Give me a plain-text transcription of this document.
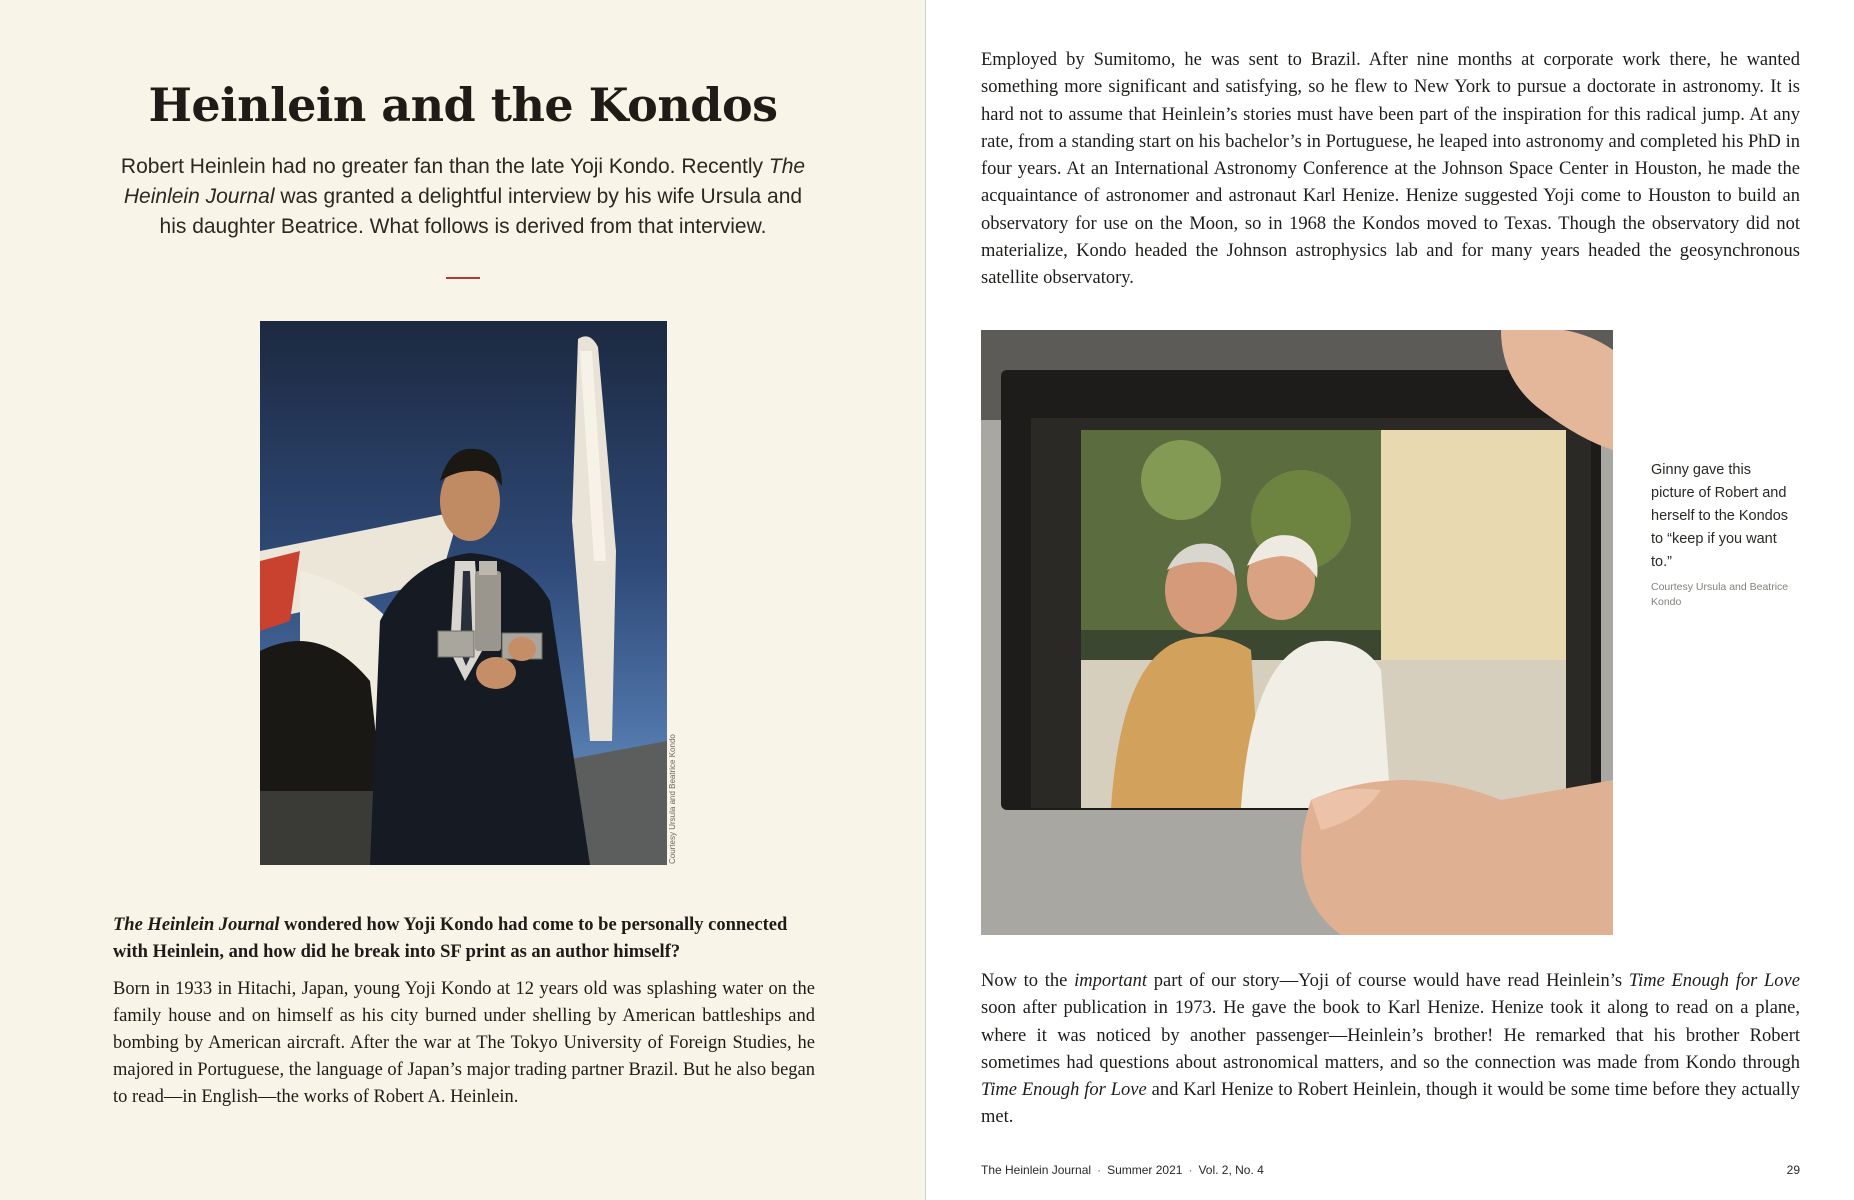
Heinlein and the Kondos

Robert Heinlein had no greater fan than the late Yoji Kondo. Recently The Heinlein Journal was granted a delightful interview by his wife Ursula and his daughter Beatrice. What follows is derived from that interview.

Courtesy Ursula and Beatrice Kondo

The Heinlein Journal wondered how Yoji Kondo had come to be personally connected with Heinlein, and how did he break into SF print as an author himself?

Born in 1933 in Hitachi, Japan, young Yoji Kondo at 12 years old was splashing water on the family house and on himself as his city burned under shelling by American battleships and bombing by American aircraft. After the war at The Tokyo University of Foreign Studies, he majored in Portuguese, the language of Japan’s major trading partner Brazil. But he also began to read—in English—the works of Robert A. Heinlein.

Employed by Sumitomo, he was sent to Brazil. After nine months at corporate work there, he wanted something more significant and satisfying, so he flew to New York to pursue a doctorate in astronomy. It is hard not to assume that Heinlein’s stories must have been part of the inspiration for this radical jump. At any rate, from a standing start on his bachelor’s in Portuguese, he leaped into astronomy and completed his PhD in four years. At an International Astronomy Conference at the Johnson Space Center in Houston, he made the acquaintance of astronomer and astronaut Karl Henize. Henize suggested Yoji come to Houston to build an observatory for use on the Moon, so in 1968 the Kondos moved to Texas. Though the observatory did not materialize, Kondo headed the Johnson astrophysics lab and for many years headed the geosynchronous satellite observatory.

Ginny gave this picture of Robert and herself to the Kondos to “keep if you want to.”

Courtesy Ursula and Beatrice Kondo

Now to the important part of our story—Yoji of course would have read Heinlein’s Time Enough for Love soon after publication in 1973. He gave the book to Karl Henize. Henize took it along to read on a plane, where it was noticed by another passenger—Heinlein’s brother! He remarked that his brother Robert sometimes had questions about astronomical matters, and so the connection was made from Kondo through Time Enough for Love and Karl Henize to Robert Heinlein, though it would be some time before they actually met.

The Heinlein Journal · Summer 2021 · Vol. 2, No. 4	29
